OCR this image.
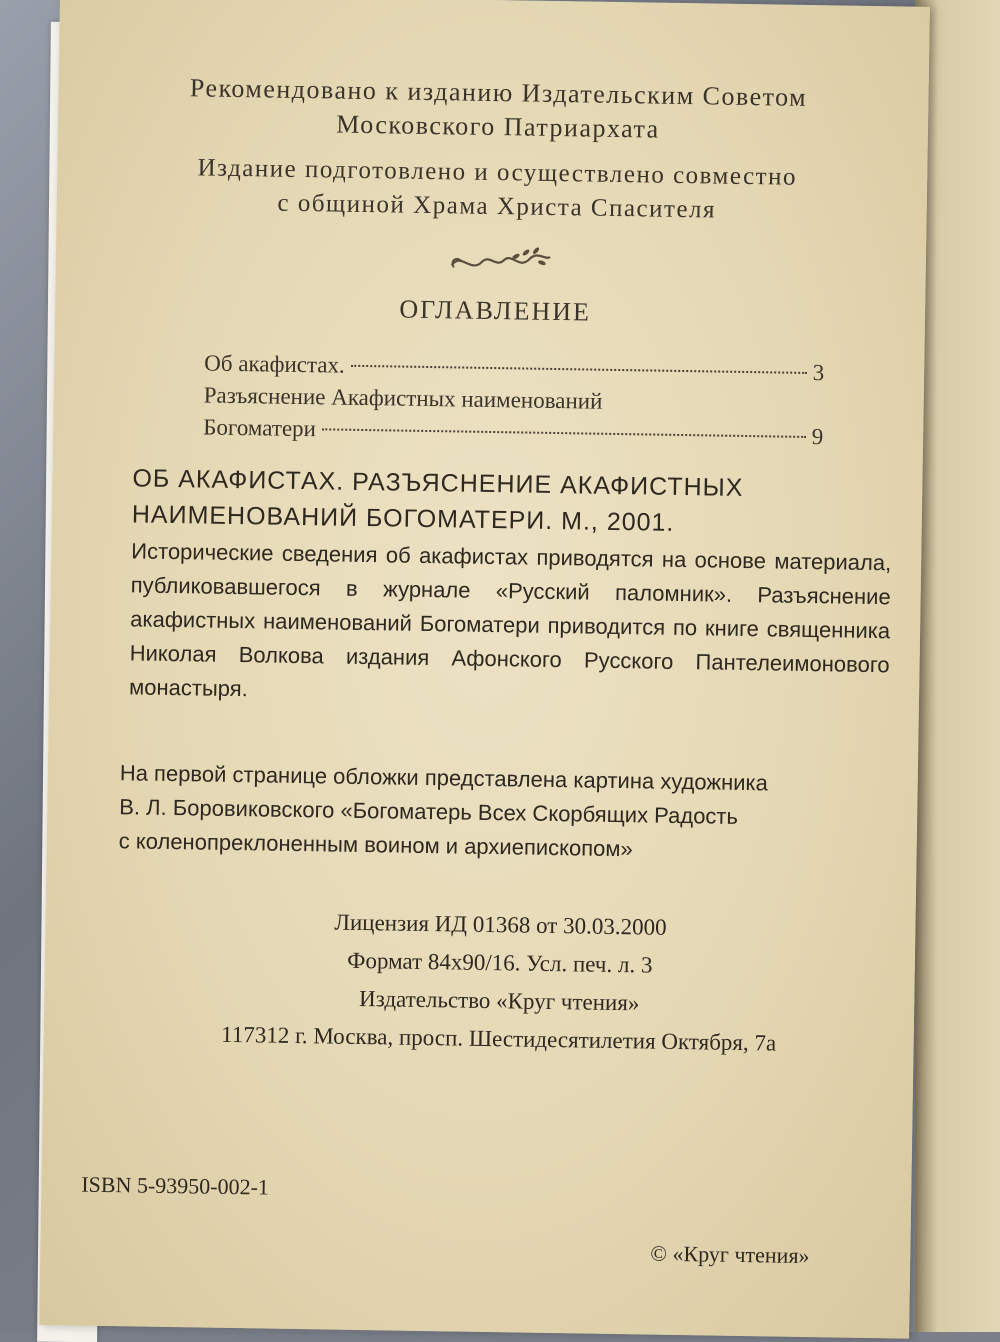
Рекомендовано к изданию Издательским Советом
Московского Патриархата
Издание подготовлено и осуществлено совместно
с общиной Храма Христа Спасителя
ОГЛАВЛЕНИЕ
Об акафистах.	3
Разъяснение Акафистных наименований
Богоматери	9
ОБ АКАФИСТАХ. РАЗЪЯСНЕНИЕ АКАФИСТНЫХ
НАИМЕНОВАНИЙ БОГОМАТЕРИ. М., 2001.
Исторические сведения об акафистах приводятся на основе материала, публиковавшегося в журнале «Русский паломник». Разъяснение акафистных наименований Богоматери приводится по книге священника Николая Волкова издания Афонского Русского Пантелеимонового монастыря.
На первой странице обложки представлена картина художника
В. Л. Боровиковского «Богоматерь Всех Скорбящих Радость
с коленопреклоненным воином и архиепископом»
Лицензия ИД 01368 от 30.03.2000
Формат 84х90/16. Усл. печ. л. 3
Издательство «Круг чтения»
117312 г. Москва, просп. Шестидесятилетия Октября, 7а
ISBN 5-93950-002-1
© «Круг чтения»
